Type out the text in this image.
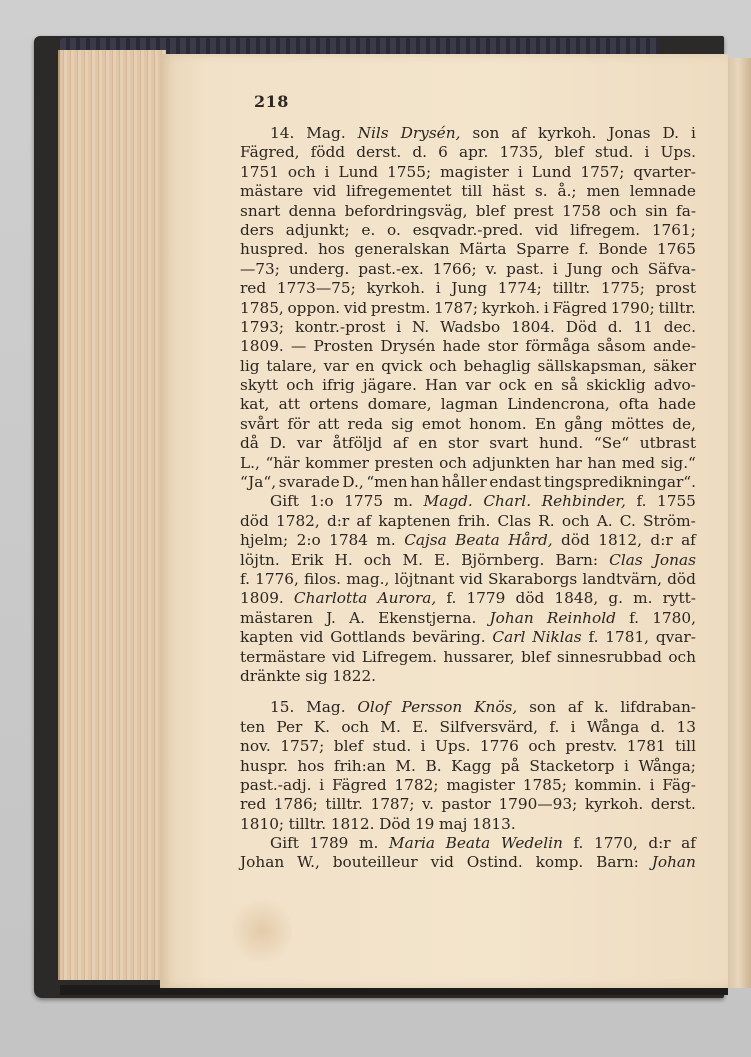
218
14. Mag. Nils Drysén, son af kyrkoh. Jonas D. i
Fägred, född derst. d. 6 apr. 1735, blef stud. i Ups.
1751 och i Lund 1755; magister i Lund 1757; qvarter-
mästare vid lifregementet till häst s. å.; men lemnade
snart denna befordringsväg, blef prest 1758 och sin fa-
ders adjunkt; e. o. esqvadr.-pred. vid lifregem. 1761;
huspred. hos generalskan Märta Sparre f. Bonde 1765
—73; underg. past.-ex. 1766; v. past. i Jung och Säfva-
red 1773—75; kyrkoh. i Jung 1774; tilltr. 1775; prost
1785, oppon. vid prestm. 1787; kyrkoh. i Fägred 1790; tilltr.
1793; kontr.-prost i N. Wadsbo 1804. Död d. 11 dec.
1809. — Prosten Drysén hade stor förmåga såsom ande-
lig talare, var en qvick och behaglig sällskapsman, säker
skytt och ifrig jägare. Han var ock en så skicklig advo-
kat, att ortens domare, lagman Lindencrona, ofta hade
svårt för att reda sig emot honom. En gång möttes de,
då D. var åtföljd af en stor svart hund. “Se“ utbrast
L., “här kommer presten och adjunkten har han med sig.“
“Ja“, svarade D., “men han håller endast tingspredikningar“.
Gift 1:o 1775 m. Magd. Charl. Rehbinder, f. 1755
död 1782, d:r af kaptenen frih. Clas R. och A. C. Ström-
hjelm; 2:o 1784 m. Cajsa Beata Hård, död 1812, d:r af
löjtn. Erik H. och M. E. Björnberg. Barn: Clas Jonas
f. 1776, filos. mag., löjtnant vid Skaraborgs landtvärn, död
1809. Charlotta Aurora, f. 1779 död 1848, g. m. rytt-
mästaren J. A. Ekenstjerna. Johan Reinhold f. 1780,
kapten vid Gottlands beväring. Carl Niklas f. 1781, qvar-
termästare vid Lifregem. hussarer, blef sinnesrubbad och
dränkte sig 1822.
15. Mag. Olof Persson Knös, son af k. lifdraban-
ten Per K. och M. E. Silfversvärd, f. i Wånga d. 13
nov. 1757; blef stud. i Ups. 1776 och prestv. 1781 till
huspr. hos frih:an M. B. Kagg på Stacketorp i Wånga;
past.-adj. i Fägred 1782; magister 1785; kommin. i Fäg-
red 1786; tilltr. 1787; v. pastor 1790—93; kyrkoh. derst.
1810; tilltr. 1812. Död 19 maj 1813.
Gift 1789 m. Maria Beata Wedelin f. 1770, d:r af
Johan W., bouteilleur vid Ostind. komp. Barn: Johan
